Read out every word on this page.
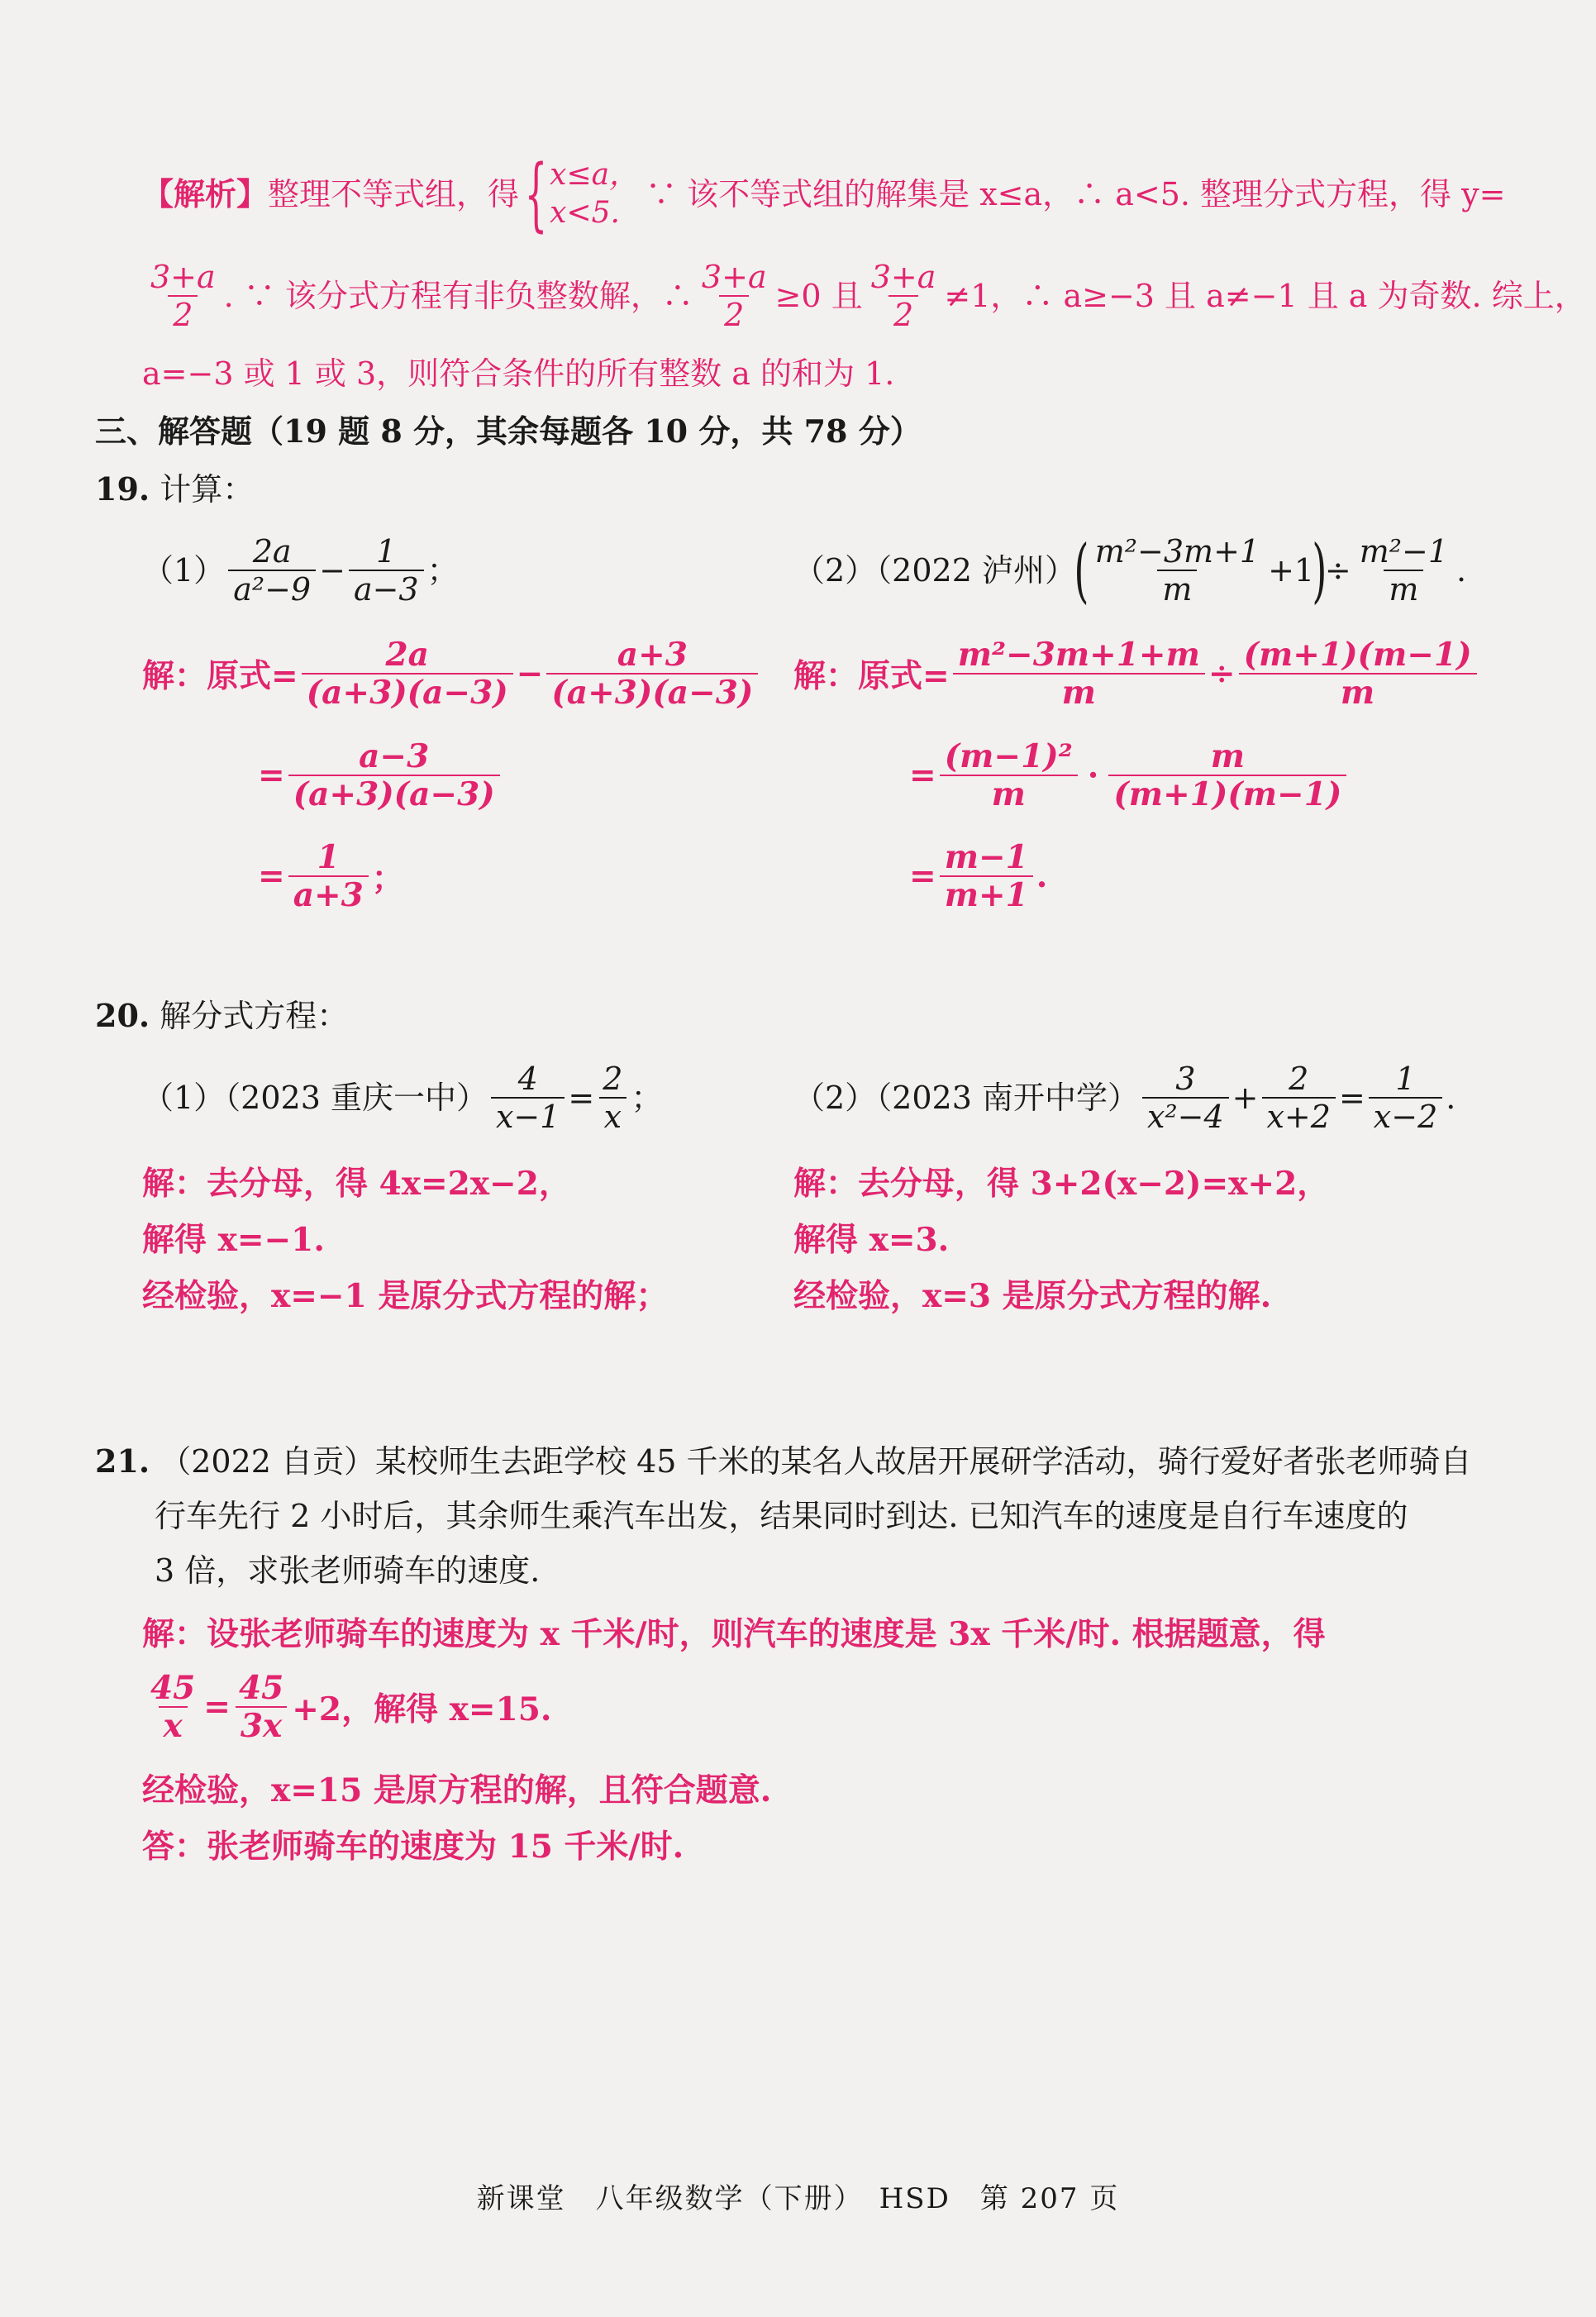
【解析】 整理不等式组，得 { x≤a，
x<5.
∵ 该不等式组的解集是 x≤a，∴ a<5. 整理分式方程，得 y=
$\frac{3+a}{2}$ . ∵ 该分式方程有非负整数解，∴ $\frac{3+a}{2} \ge 0$ 且 $\frac{3+a}{2} \ne 1$，∴ a≥−3 且 a≠−1 且 a 为奇数. 综上，
a=−3 或 1 或 3，则符合条件的所有整数 a 的和为 1.
三、解答题（19 题 8 分，其余每题各 10 分，共 78 分）
19. 计算：
$(1) \frac{2a}{\text{a²−9}} - \frac{1}{a-3}$ ；	（2）（2022 泸州）
( $\frac{\text{m²−3m+1}}{m} +1$
)
÷ $\frac{\text{m²−1}}{m}$ .
解：原式= $\frac{2a}{(a+3)(a-3)} - \frac{a+3}{(a+3)(a-3)}$
= $\frac{a-3}{(a+3)(a-3)}$
= $\frac{1}{a+3}$ ；
解：原式= $\frac{\text{m²−3m+1+m}}{m} \div \frac{(m+1)(m-1)}{m}$
= $\frac{\text{(m−1)²}}{m} \cdot \frac{m}{(m+1)(m-1)}$
= $\frac{m-1}{m+1}$ .
20. 解分式方程：
（1）（2023 重庆一中） $\frac{4}{x-1} = \frac{2}{x}$ ；	（2）（2023 南开中学） $\frac{3}{\text{x²−4}} + \frac{2}{x+2} = \frac{1}{x-2}$ .
解：去分母，得 4x=2x−2，
解得 x=−1.
经检验，x=−1 是原分式方程的解；
解：去分母，得 3+2(x−2)=x+2，
解得 x=3.
经检验，x=3 是原分式方程的解.
21. （2022 自贡）某校师生去距学校 45 千米的某名人故居开展研学活动，骑行爱好者张老师骑自
行车先行 2 小时后，其余师生乘汽车出发，结果同时到达. 已知汽车的速度是自行车速度的
3 倍，求张老师骑车的速度.
解：设张老师骑车的速度为 x 千米/时，则汽车的速度是 3x 千米/时. 根据题意，得
$\frac{45}{x} = \frac{45}{3x} +2$，解得 x=15.
经检验，x=15 是原方程的解，且符合题意.
答：张老师骑车的速度为 15 千米/时.
新课堂　八年级数学（下册）　HSD　第 207 页
